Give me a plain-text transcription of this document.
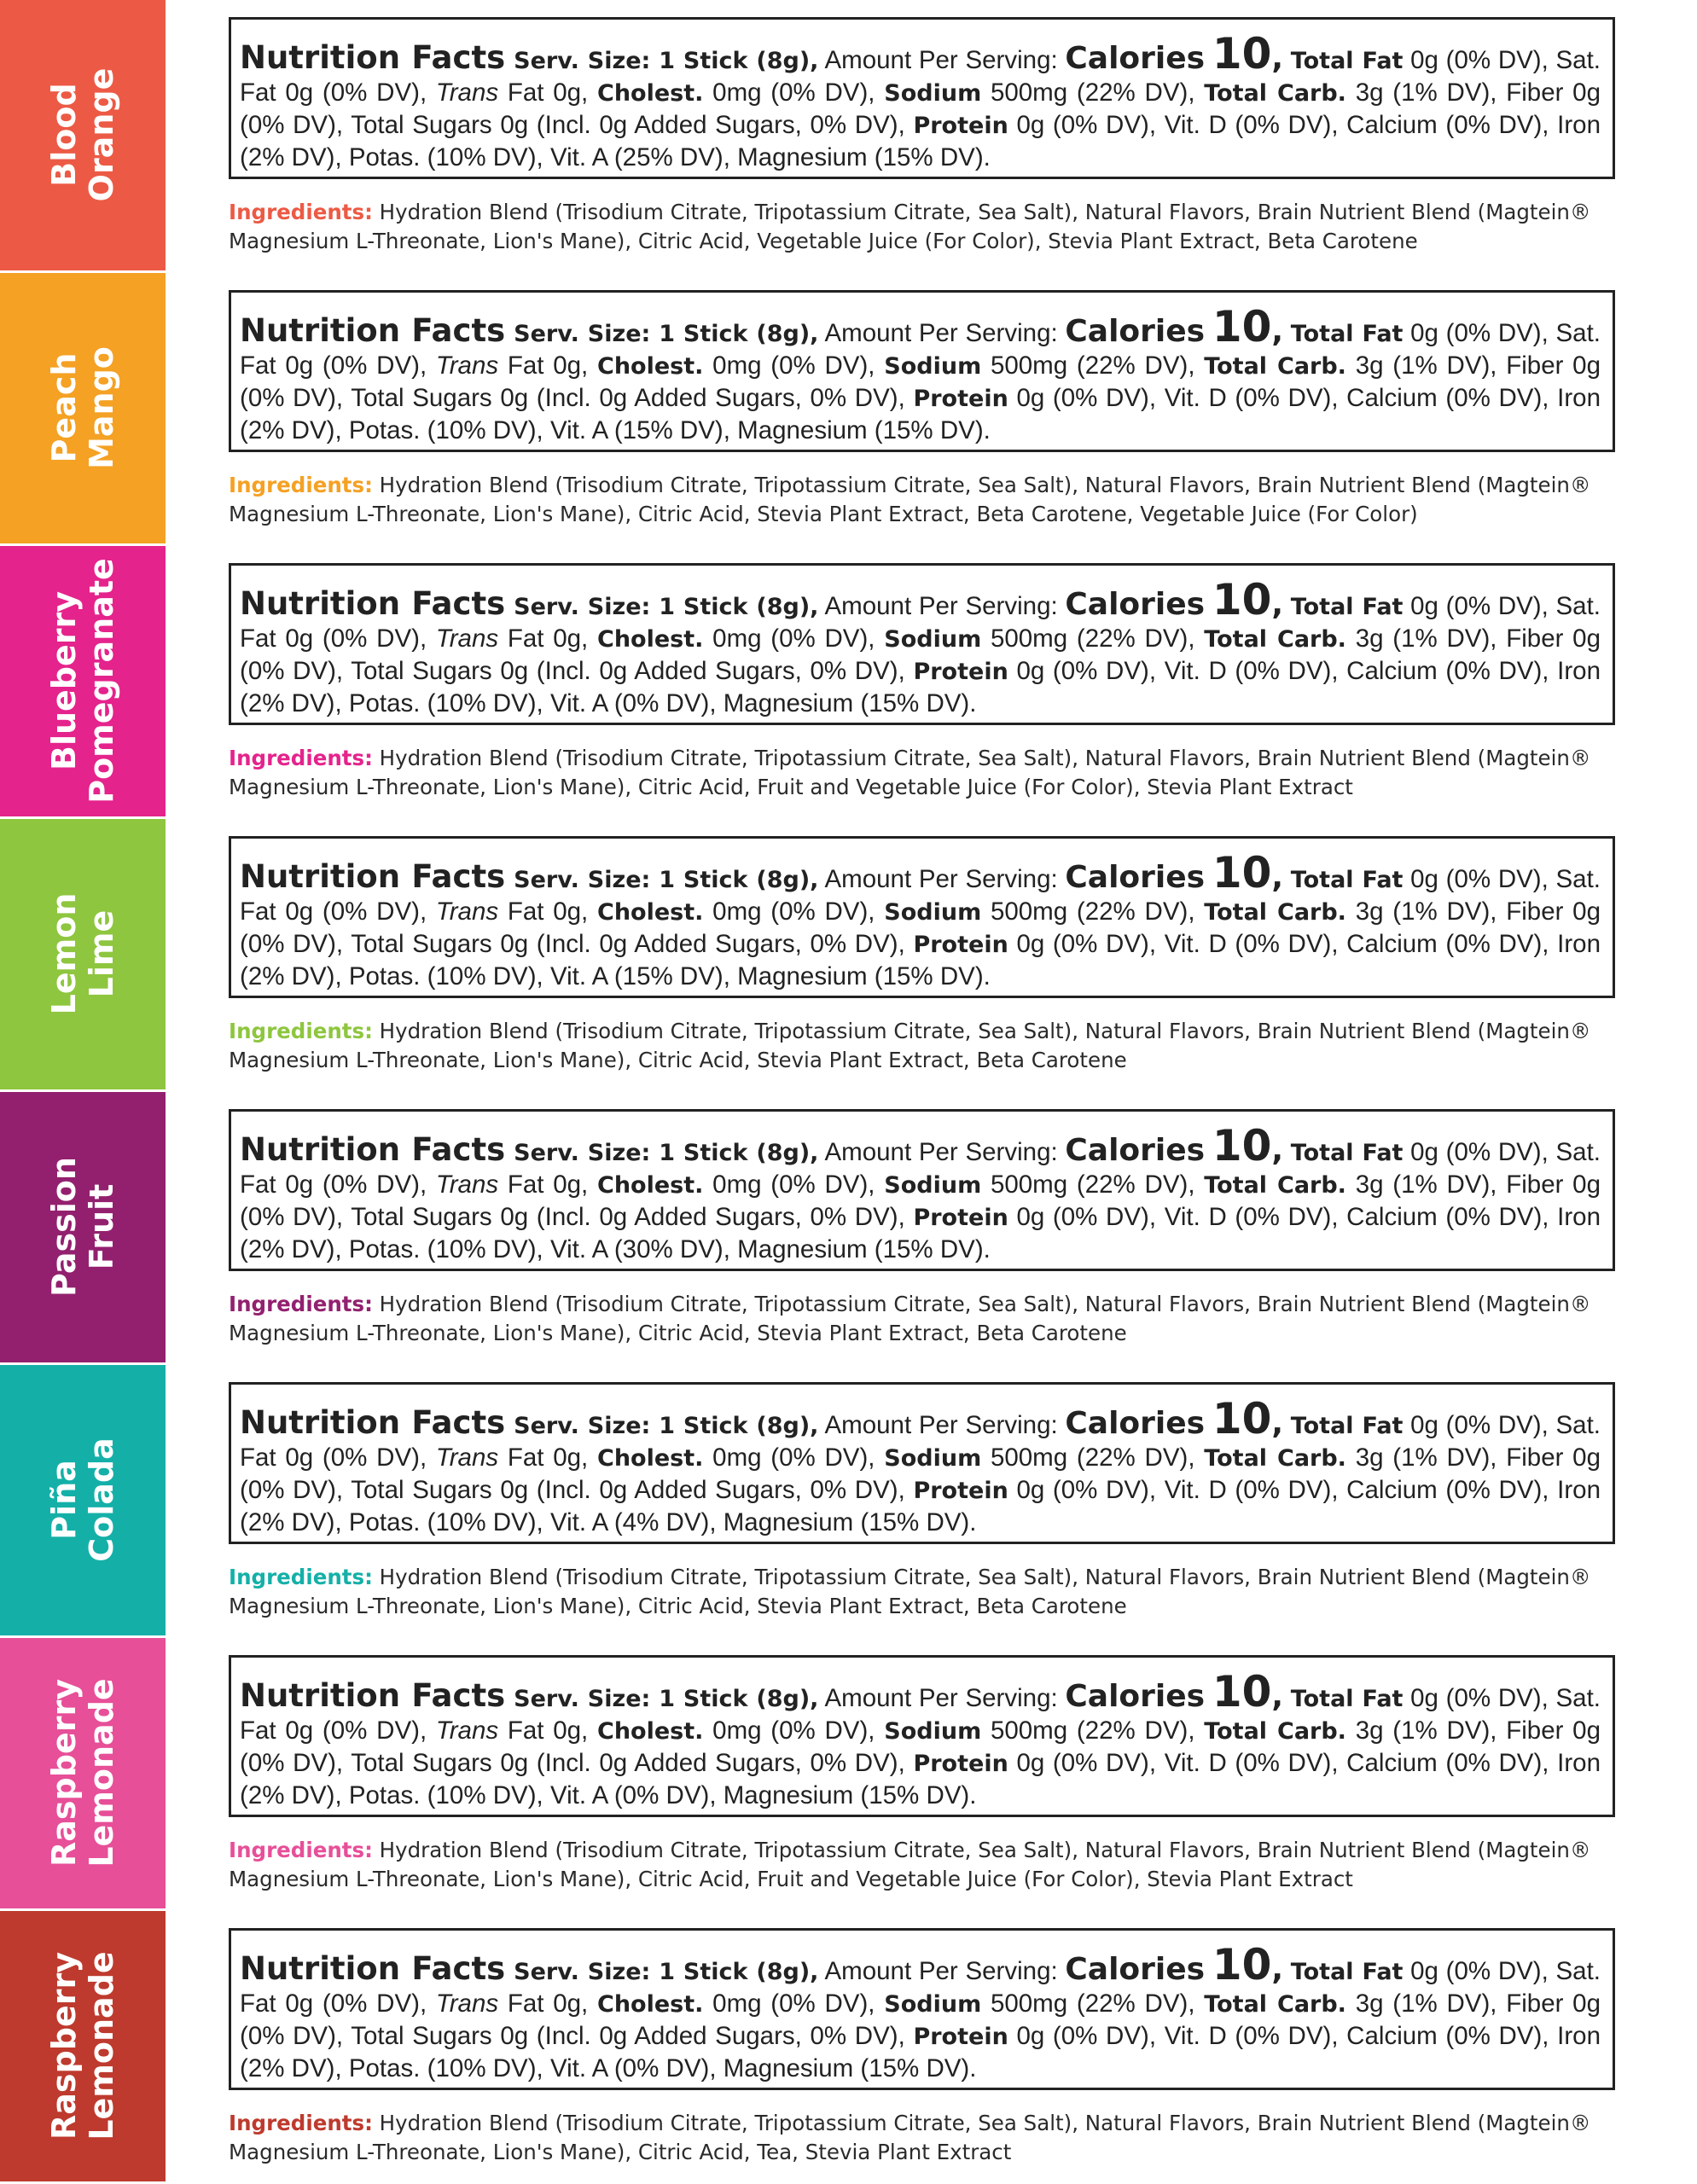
Blood Orange

Nutrition Facts Serv. Size: 1 Stick (8g), Amount Per Serving: Calories 10, Total Fat 0g (0% DV), Sat. Fat 0g (0% DV), Trans Fat 0g, Cholest. 0mg (0% DV), Sodium 500mg (22% DV), Total Carb. 3g (1% DV), Fiber 0g (0% DV), Total Sugars 0g (Incl. 0g Added Sugars, 0% DV), Protein 0g (0% DV), Vit. D (0% DV), Calcium (0% DV), Iron (2% DV), Potas. (10% DV), Vit. A (25% DV), Magnesium (15% DV).

Ingredients: Hydration Blend (Trisodium Citrate, Tripotassium Citrate, Sea Salt), Natural Flavors, Brain Nutrient Blend (Magtein® Magnesium L-Threonate, Lion's Mane), Citric Acid, Vegetable Juice (For Color), Stevia Plant Extract, Beta Carotene

Peach Mango

Nutrition Facts Serv. Size: 1 Stick (8g), Amount Per Serving: Calories 10, Total Fat 0g (0% DV), Sat. Fat 0g (0% DV), Trans Fat 0g, Cholest. 0mg (0% DV), Sodium 500mg (22% DV), Total Carb. 3g (1% DV), Fiber 0g (0% DV), Total Sugars 0g (Incl. 0g Added Sugars, 0% DV), Protein 0g (0% DV), Vit. D (0% DV), Calcium (0% DV), Iron (2% DV), Potas. (10% DV), Vit. A (15% DV), Magnesium (15% DV).

Ingredients: Hydration Blend (Trisodium Citrate, Tripotassium Citrate, Sea Salt), Natural Flavors, Brain Nutrient Blend (Magtein® Magnesium L-Threonate, Lion's Mane), Citric Acid, Stevia Plant Extract, Beta Carotene, Vegetable Juice (For Color)

Blueberry Pomegranate	Nutrition Facts Serv. Size: 1 Stick (8g), Amount Per Serving: Calories 10, Total Fat 0g (0% DV), Sat. Fat 0g (0% DV), Trans Fat 0g, Cholest. 0mg (0% DV), Sodium 500mg (22% DV), Total Carb. 3g (1% DV), Fiber 0g (0% DV), Total Sugars 0g (Incl. 0g Added Sugars, 0% DV), Protein 0g (0% DV), Vit. D (0% DV), Calcium (0% DV), Iron (2% DV), Potas. (10% DV), Vit. A (0% DV), Magnesium (15% DV).

Ingredients: Hydration Blend (Trisodium Citrate, Tripotassium Citrate, Sea Salt), Natural Flavors, Brain Nutrient Blend (Magtein® Magnesium L-Threonate, Lion's Mane), Citric Acid, Fruit and Vegetable Juice (For Color), Stevia Plant Extract

Lemon Lime

Nutrition Facts Serv. Size: 1 Stick (8g), Amount Per Serving: Calories 10, Total Fat 0g (0% DV), Sat. Fat 0g (0% DV), Trans Fat 0g, Cholest. 0mg (0% DV), Sodium 500mg (22% DV), Total Carb. 3g (1% DV), Fiber 0g (0% DV), Total Sugars 0g (Incl. 0g Added Sugars, 0% DV), Protein 0g (0% DV), Vit. D (0% DV), Calcium (0% DV), Iron (2% DV), Potas. (10% DV), Vit. A (15% DV), Magnesium (15% DV).

Ingredients: Hydration Blend (Trisodium Citrate, Tripotassium Citrate, Sea Salt), Natural Flavors, Brain Nutrient Blend (Magtein® Magnesium L-Threonate, Lion's Mane), Citric Acid, Stevia Plant Extract, Beta Carotene

Passion Fruit

Nutrition Facts Serv. Size: 1 Stick (8g), Amount Per Serving: Calories 10, Total Fat 0g (0% DV), Sat. Fat 0g (0% DV), Trans Fat 0g, Cholest. 0mg (0% DV), Sodium 500mg (22% DV), Total Carb. 3g (1% DV), Fiber 0g (0% DV), Total Sugars 0g (Incl. 0g Added Sugars, 0% DV), Protein 0g (0% DV), Vit. D (0% DV), Calcium (0% DV), Iron (2% DV), Potas. (10% DV), Vit. A (30% DV), Magnesium (15% DV).

Ingredients: Hydration Blend (Trisodium Citrate, Tripotassium Citrate, Sea Salt), Natural Flavors, Brain Nutrient Blend (Magtein® Magnesium L-Threonate, Lion's Mane), Citric Acid, Stevia Plant Extract, Beta Carotene

Piña Colada

Nutrition Facts Serv. Size: 1 Stick (8g), Amount Per Serving: Calories 10, Total Fat 0g (0% DV), Sat. Fat 0g (0% DV), Trans Fat 0g, Cholest. 0mg (0% DV), Sodium 500mg (22% DV), Total Carb. 3g (1% DV), Fiber 0g (0% DV), Total Sugars 0g (Incl. 0g Added Sugars, 0% DV), Protein 0g (0% DV), Vit. D (0% DV), Calcium (0% DV), Iron (2% DV), Potas. (10% DV), Vit. A (4% DV), Magnesium (15% DV).

Ingredients: Hydration Blend (Trisodium Citrate, Tripotassium Citrate, Sea Salt), Natural Flavors, Brain Nutrient Blend (Magtein® Magnesium L-Threonate, Lion's Mane), Citric Acid, Stevia Plant Extract, Beta Carotene

Raspberry Lemonade	Nutrition Facts Serv. Size: 1 Stick (8g), Amount Per Serving: Calories 10, Total Fat 0g (0% DV), Sat. Fat 0g (0% DV), Trans Fat 0g, Cholest. 0mg (0% DV), Sodium 500mg (22% DV), Total Carb. 3g (1% DV), Fiber 0g (0% DV), Total Sugars 0g (Incl. 0g Added Sugars, 0% DV), Protein 0g (0% DV), Vit. D (0% DV), Calcium (0% DV), Iron (2% DV), Potas. (10% DV), Vit. A (0% DV), Magnesium (15% DV).

Ingredients: Hydration Blend (Trisodium Citrate, Tripotassium Citrate, Sea Salt), Natural Flavors, Brain Nutrient Blend (Magtein® Magnesium L-Threonate, Lion's Mane), Citric Acid, Fruit and Vegetable Juice (For Color), Stevia Plant Extract

Raspberry Lemonade	Nutrition Facts Serv. Size: 1 Stick (8g), Amount Per Serving: Calories 10, Total Fat 0g (0% DV), Sat. Fat 0g (0% DV), Trans Fat 0g, Cholest. 0mg (0% DV), Sodium 500mg (22% DV), Total Carb. 3g (1% DV), Fiber 0g (0% DV), Total Sugars 0g (Incl. 0g Added Sugars, 0% DV), Protein 0g (0% DV), Vit. D (0% DV), Calcium (0% DV), Iron (2% DV), Potas. (10% DV), Vit. A (0% DV), Magnesium (15% DV).

Ingredients: Hydration Blend (Trisodium Citrate, Tripotassium Citrate, Sea Salt), Natural Flavors, Brain Nutrient Blend (Magtein® Magnesium L-Threonate, Lion's Mane), Citric Acid, Tea, Stevia Plant Extract
